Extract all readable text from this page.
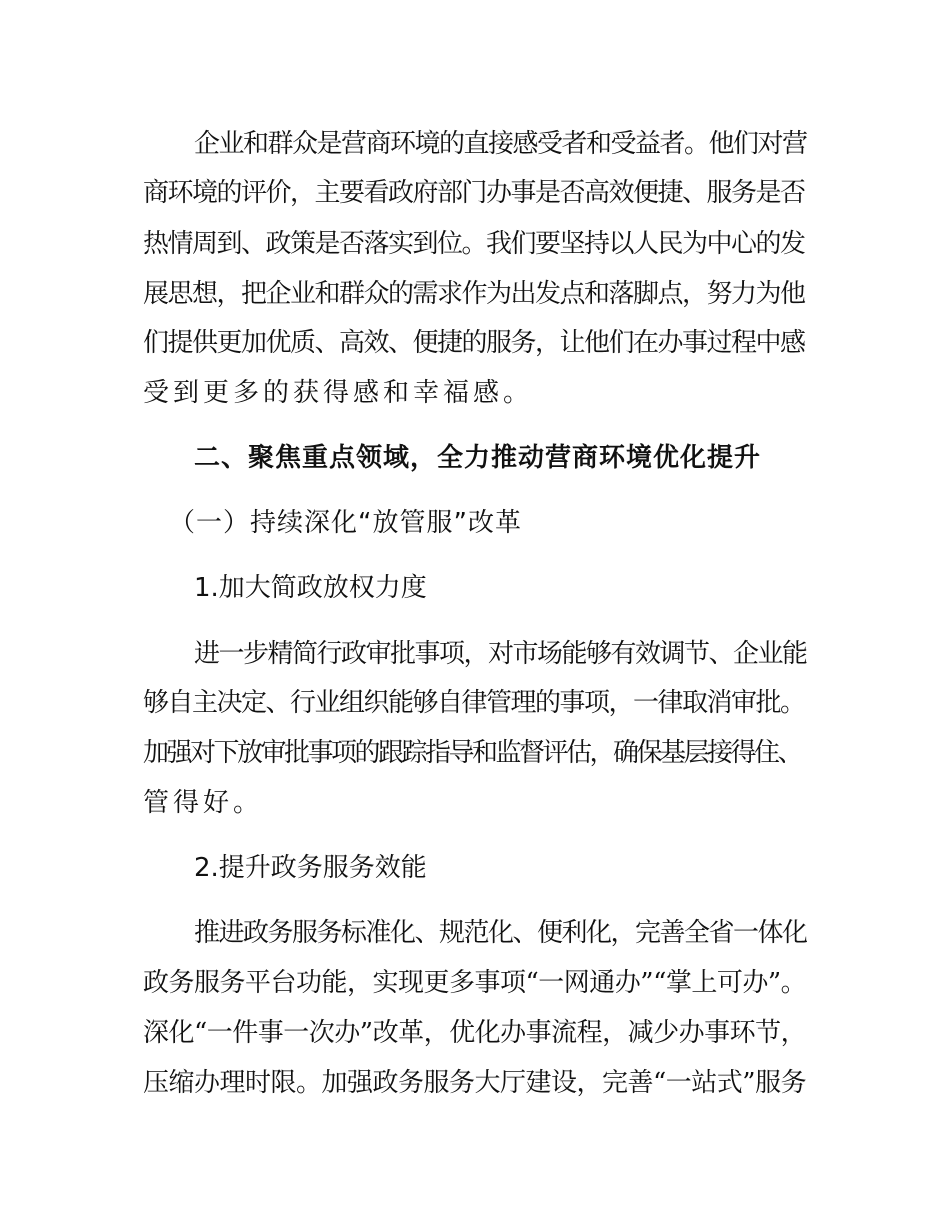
企业和群众是营商环境的直接感受者和受益者。他们对营
商环境的评价，主要看政府部门办事是否高效便捷、服务是否
热情周到、政策是否落实到位。我们要坚持以人民为中心的发
展思想，把企业和群众的需求作为出发点和落脚点，努力为他
们提供更加优质、高效、便捷的服务，让他们在办事过程中感
受到更多的获得感和幸福感。
二、聚焦重点领域，全力推动营商环境优化提升
（一）持续深化“放管服”改革
1.加大简政放权力度
进一步精简行政审批事项，对市场能够有效调节、企业能
够自主决定、行业组织能够自律管理的事项，一律取消审批。
加强对下放审批事项的跟踪指导和监督评估，确保基层接得住、
管得好。
2.提升政务服务效能
推进政务服务标准化、规范化、便利化，完善全省一体化
政务服务平台功能，实现更多事项“一网通办”“掌上可办”。
深化“一件事一次办”改革，优化办事流程，减少办事环节，
压缩办理时限。加强政务服务大厅建设，完善“一站式”服务
